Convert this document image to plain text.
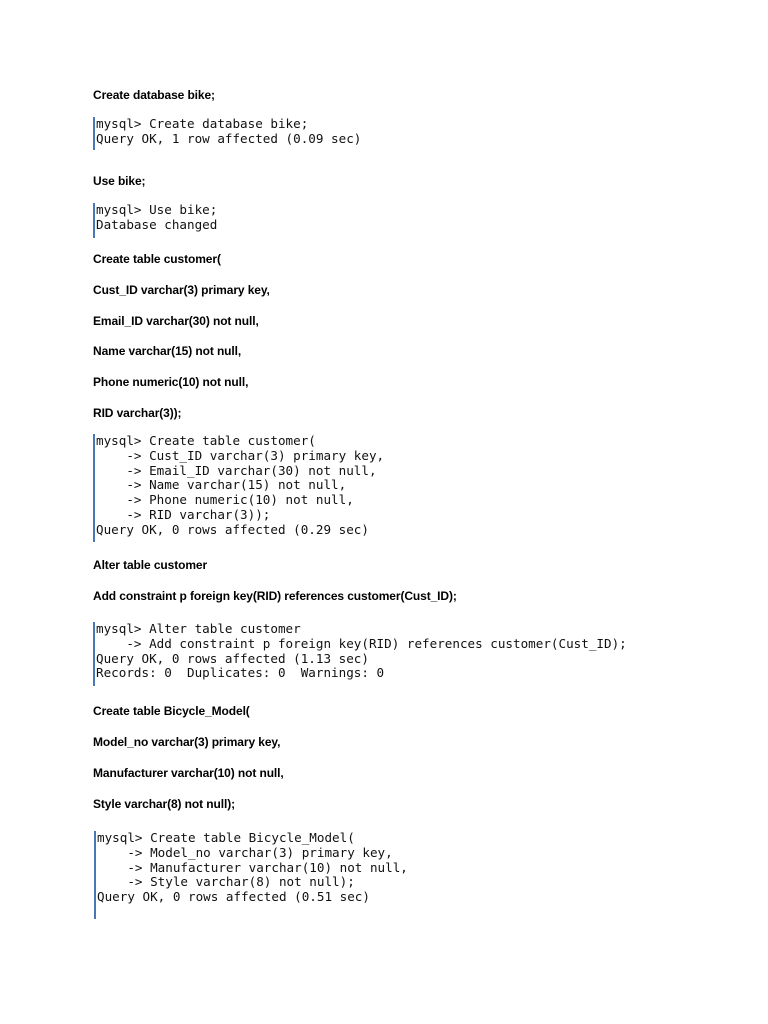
Create database bike;

mysql> Create database bike;
Query OK, 1 row affected (0.09 sec)

Use bike;

mysql> Use bike;
Database changed

Create table customer(

Cust_ID varchar(3) primary key,

Email_ID varchar(30) not null,

Name varchar(15) not null,

Phone numeric(10) not null,

RID varchar(3));

mysql> Create table customer(
-> Cust_ID varchar(3) primary key,
-> Email_ID varchar(30) not null,
-> Name varchar(15) not null,
-> Phone numeric(10) not null,
-> RID varchar(3));
Query OK, 0 rows affected (0.29 sec)

Alter table customer

Add constraint p foreign key(RID) references customer(Cust_ID);

mysql> Alter table customer
-> Add constraint p foreign key(RID) references customer(Cust_ID);
Query OK, 0 rows affected (1.13 sec)
Records: 0  Duplicates: 0  Warnings: 0

Create table Bicycle_Model(

Model_no varchar(3) primary key,

Manufacturer varchar(10) not null,

Style varchar(8) not null);

mysql> Create table Bicycle_Model(
-> Model_no varchar(3) primary key,
-> Manufacturer varchar(10) not null,
-> Style varchar(8) not null);
Query OK, 0 rows affected (0.51 sec)
